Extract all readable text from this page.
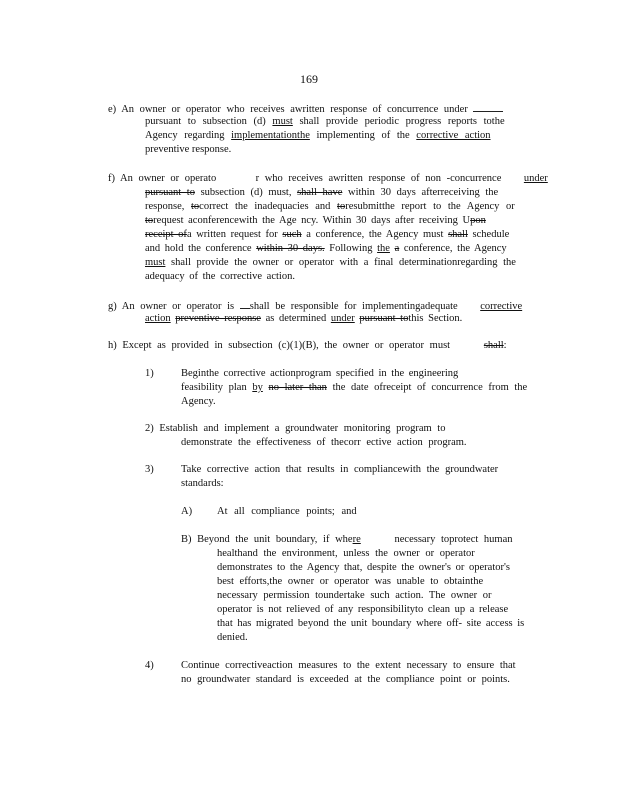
169
e) An owner or operator who receives awritten response of concurrence under
pursuant to subsection (d) must shall provide periodic progress reports tothe
Agency regarding implementationthe implementing of the corrective action
preventive response.
f) An owner or operato	r who receives awritten response of non -concurrence under
pursuant to subsection (d) must, shall have within 30 days afterreceiving the
response, tocorrect the inadequacies and toresubmitthe report to the Agency or
torequest aconferencewith the Age ncy. Within 30 days after receiving Upon
receipt ofa written request for such a conference, the Agency must shall schedule
and hold the conference within 30 days. Following the a conference, the Agency
must shall provide the owner or operator with a final determinationregarding the
adequacy of the corrective action.
g) An owner or operator is shall be responsible for implementingadequate corrective
action preventive response as determined under pursuant tothis Section.
h) Except as provided in subsection (c)(1)(B), the owner or operator must	shall:
1)	Beginthe corrective actionprogram specified in the engineering
feasibility plan by no later than the date ofreceipt of concurrence from the
Agency.
2) Establish and implement a groundwater monitoring program to
demonstrate the effectiveness of thecorr ective action program.
3)	Take corrective action that results in compliancewith the groundwater
standards:
A) At all compliance points; and
B) Beyond the unit boundary, if where	necessary toprotect human
healthand the environment, unless the owner or operator
demonstrates to the Agency that, despite the owner's or operator's
best efforts,the owner or operator was unable to obtainthe
necessary permission toundertake such action. The owner or
operator is not relieved of any responsibilityto clean up a release
that has migrated beyond the unit boundary where off- site access is
denied.
4)	Continue correctiveaction measures to the extent necessary to ensure that
no groundwater standard is exceeded at the compliance point or points.
